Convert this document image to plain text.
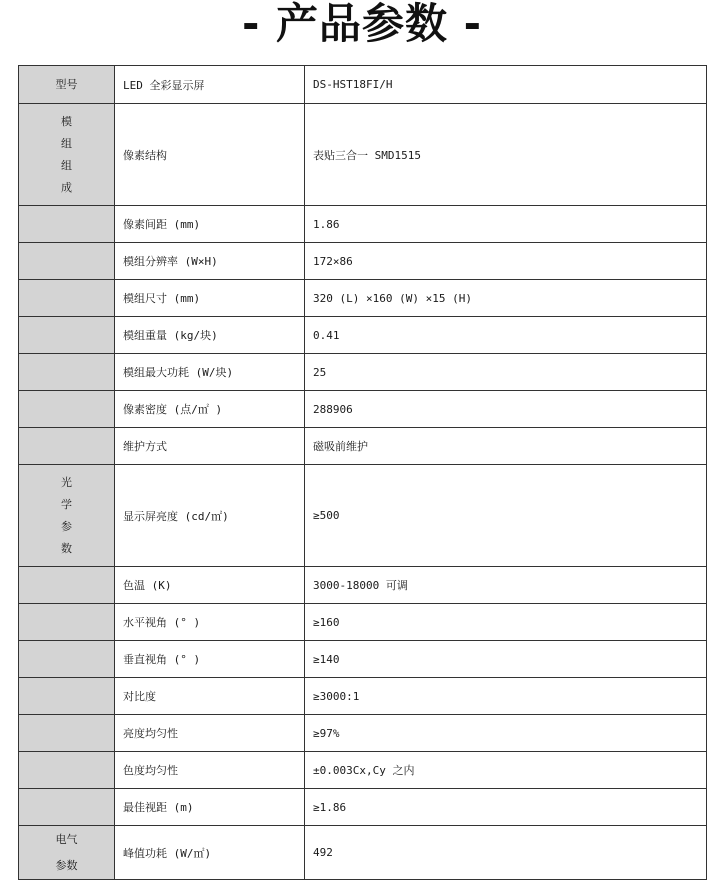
- 产品参数 -
型号	LED 全彩显示屏	DS-HST18FI/H
模
组
组
成	像素结构	表贴三合一 SMD1515
	像素间距 (mm)	1.86
	模组分辨率 (W×H)	172×86
	模组尺寸 (mm)	320 (L) ×160 (W) ×15 (H)
	模组重量 (kg/块)	0.41
	模组最大功耗 (W/块)	25
	像素密度 (点/㎡ )	288906
	维护方式	磁吸前维护
光
学
参
数	显示屏亮度 (cd/㎡)	≥500
	色温 (K)	3000-18000 可调
	水平视角 (° )	≥160
	垂直视角 (° )	≥140
	对比度	≥3000:1
	亮度均匀性	≥97%
	色度均匀性	±0.003Cx,Cy 之内
	最佳视距 (m)	≥1.86
电气
参数	峰值功耗 (W/㎡)	492
